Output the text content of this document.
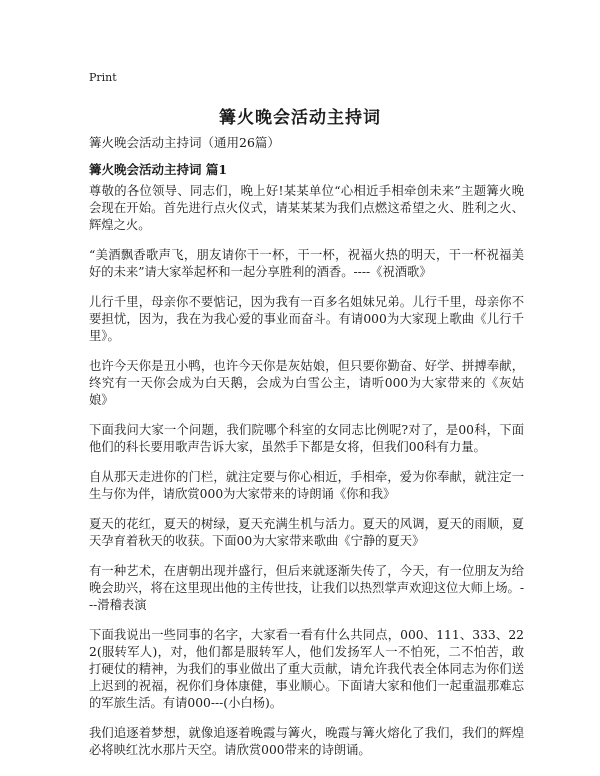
Print
篝火晚会活动主持词
篝火晚会活动主持词（通用26篇）
篝火晚会活动主持词 篇1

尊敬的各位领导、同志们，晚上好!某某单位“心相近手相牵创未来”主题篝火晚会现在开始。首先进行点火仪式，请某某某为我们点燃这希望之火、胜利之火、辉煌之火。

“美酒飘香歌声飞，朋友请你干一杯，干一杯，祝福火热的明天，干一杯祝福美好的未来”请大家举起杯和一起分享胜利的酒香。----《祝酒歌》

儿行千里，母亲你不要惦记，因为我有一百多名姐妹兄弟。儿行千里，母亲你不要担忧，因为，我在为我心爱的事业而奋斗。有请000为大家现上歌曲《儿行千里》。

也许今天你是丑小鸭，也许今天你是灰姑娘，但只要你勤奋、好学、拼搏奉献，终究有一天你会成为白天鹅，会成为白雪公主，请听000为大家带来的《灰姑娘》

下面我问大家一个问题，我们院哪个科室的女同志比例呢?对了，是00科，下面他们的科长要用歌声告诉大家，虽然手下都是女将，但我们00科有力量。

自从那天走进你的门栏，就注定要与你心相近，手相牵，爱为你奉献，就注定一生与你为伴，请欣赏000为大家带来的诗朗诵《你和我》

夏天的花红，夏天的树绿，夏天充满生机与活力。夏天的风调，夏天的雨顺，夏天孕育着秋天的收获。下面00为大家带来歌曲《宁静的夏天》

有一种艺术，在唐朝出现并盛行，但后来就逐渐失传了，今天，有一位朋友为给晚会助兴，将在这里现出他的主传世技，让我们以热烈掌声欢迎这位大师上场。---滑稽表演

下面我说出一些同事的名字，大家看一看有什么共同点，000、111、333、222(服转军人)，对，他们都是服转军人，他们发扬军人一不怕死，二不怕苦，敢打硬仗的精神，为我们的事业做出了重大贡献，请允许我代表全体同志为你们送上迟到的祝福，祝你们身体康健，事业顺心。下面请大家和他们一起重温那难忘的军旅生活。有请000---(小白杨)。

我们追逐着梦想，就像追逐着晚霞与篝火，晚霞与篝火熔化了我们，我们的辉煌必将映红沈水那片天空。请欣赏000带来的诗朗诵。
